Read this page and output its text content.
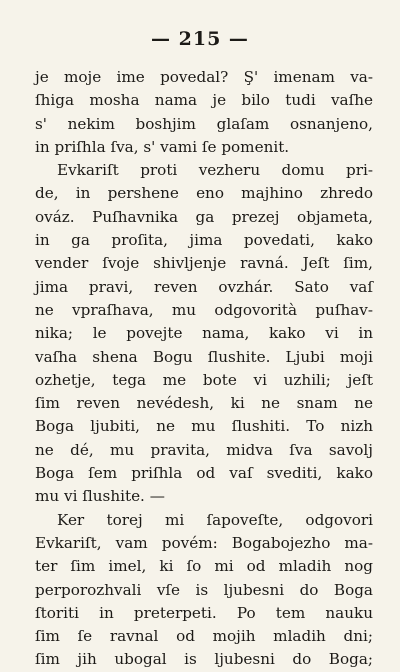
— 215 —
je moje ime povedal? Ş' imenam va-
ſhiga mosha nama je bilo tudi vaſhe
s' nekim boshjim glaſam osnanjeno,
in priſhla ſva, s' vami ſe pomenit.
Evkariſt proti vezheru domu pri-
de, in pershene eno majhino zhredo
ováz. Puſhavnika ga prezej objameta,
in ga proſita, jima povedati, kako
vender ſvoje shivljenje ravná. Jeſt ſim,
jima pravi, reven ovzhár. Sato vaſ
ne vpraſhava, mu odgovorità puſhav-
nika; le povejte nama, kako vi in
vaſha shena Bogu ſlushite. Ljubi moji
ozhetje, tega me bote vi uzhili; jeſt
ſim reven nevédesh, ki ne snam ne
Boga ljubiti, ne mu ſlushiti. To nizh
ne dé, mu pravita, midva ſva savolj
Boga ſem priſhla od vaſ svediti, kako
mu vi ſlushite. —
Ker torej mi ſapoveſte, odgovori
Evkariſt, vam povém: Bogabojezho ma-
ter ſim imel, ki ſo mi od mladih nog
perporozhvali vſe is ljubesni do Boga
ſtoriti in preterpeti. Po tem nauku
ſim ſe ravnal od mojih mladih dni;
ſim jih ubogal is ljubesni do Boga;
